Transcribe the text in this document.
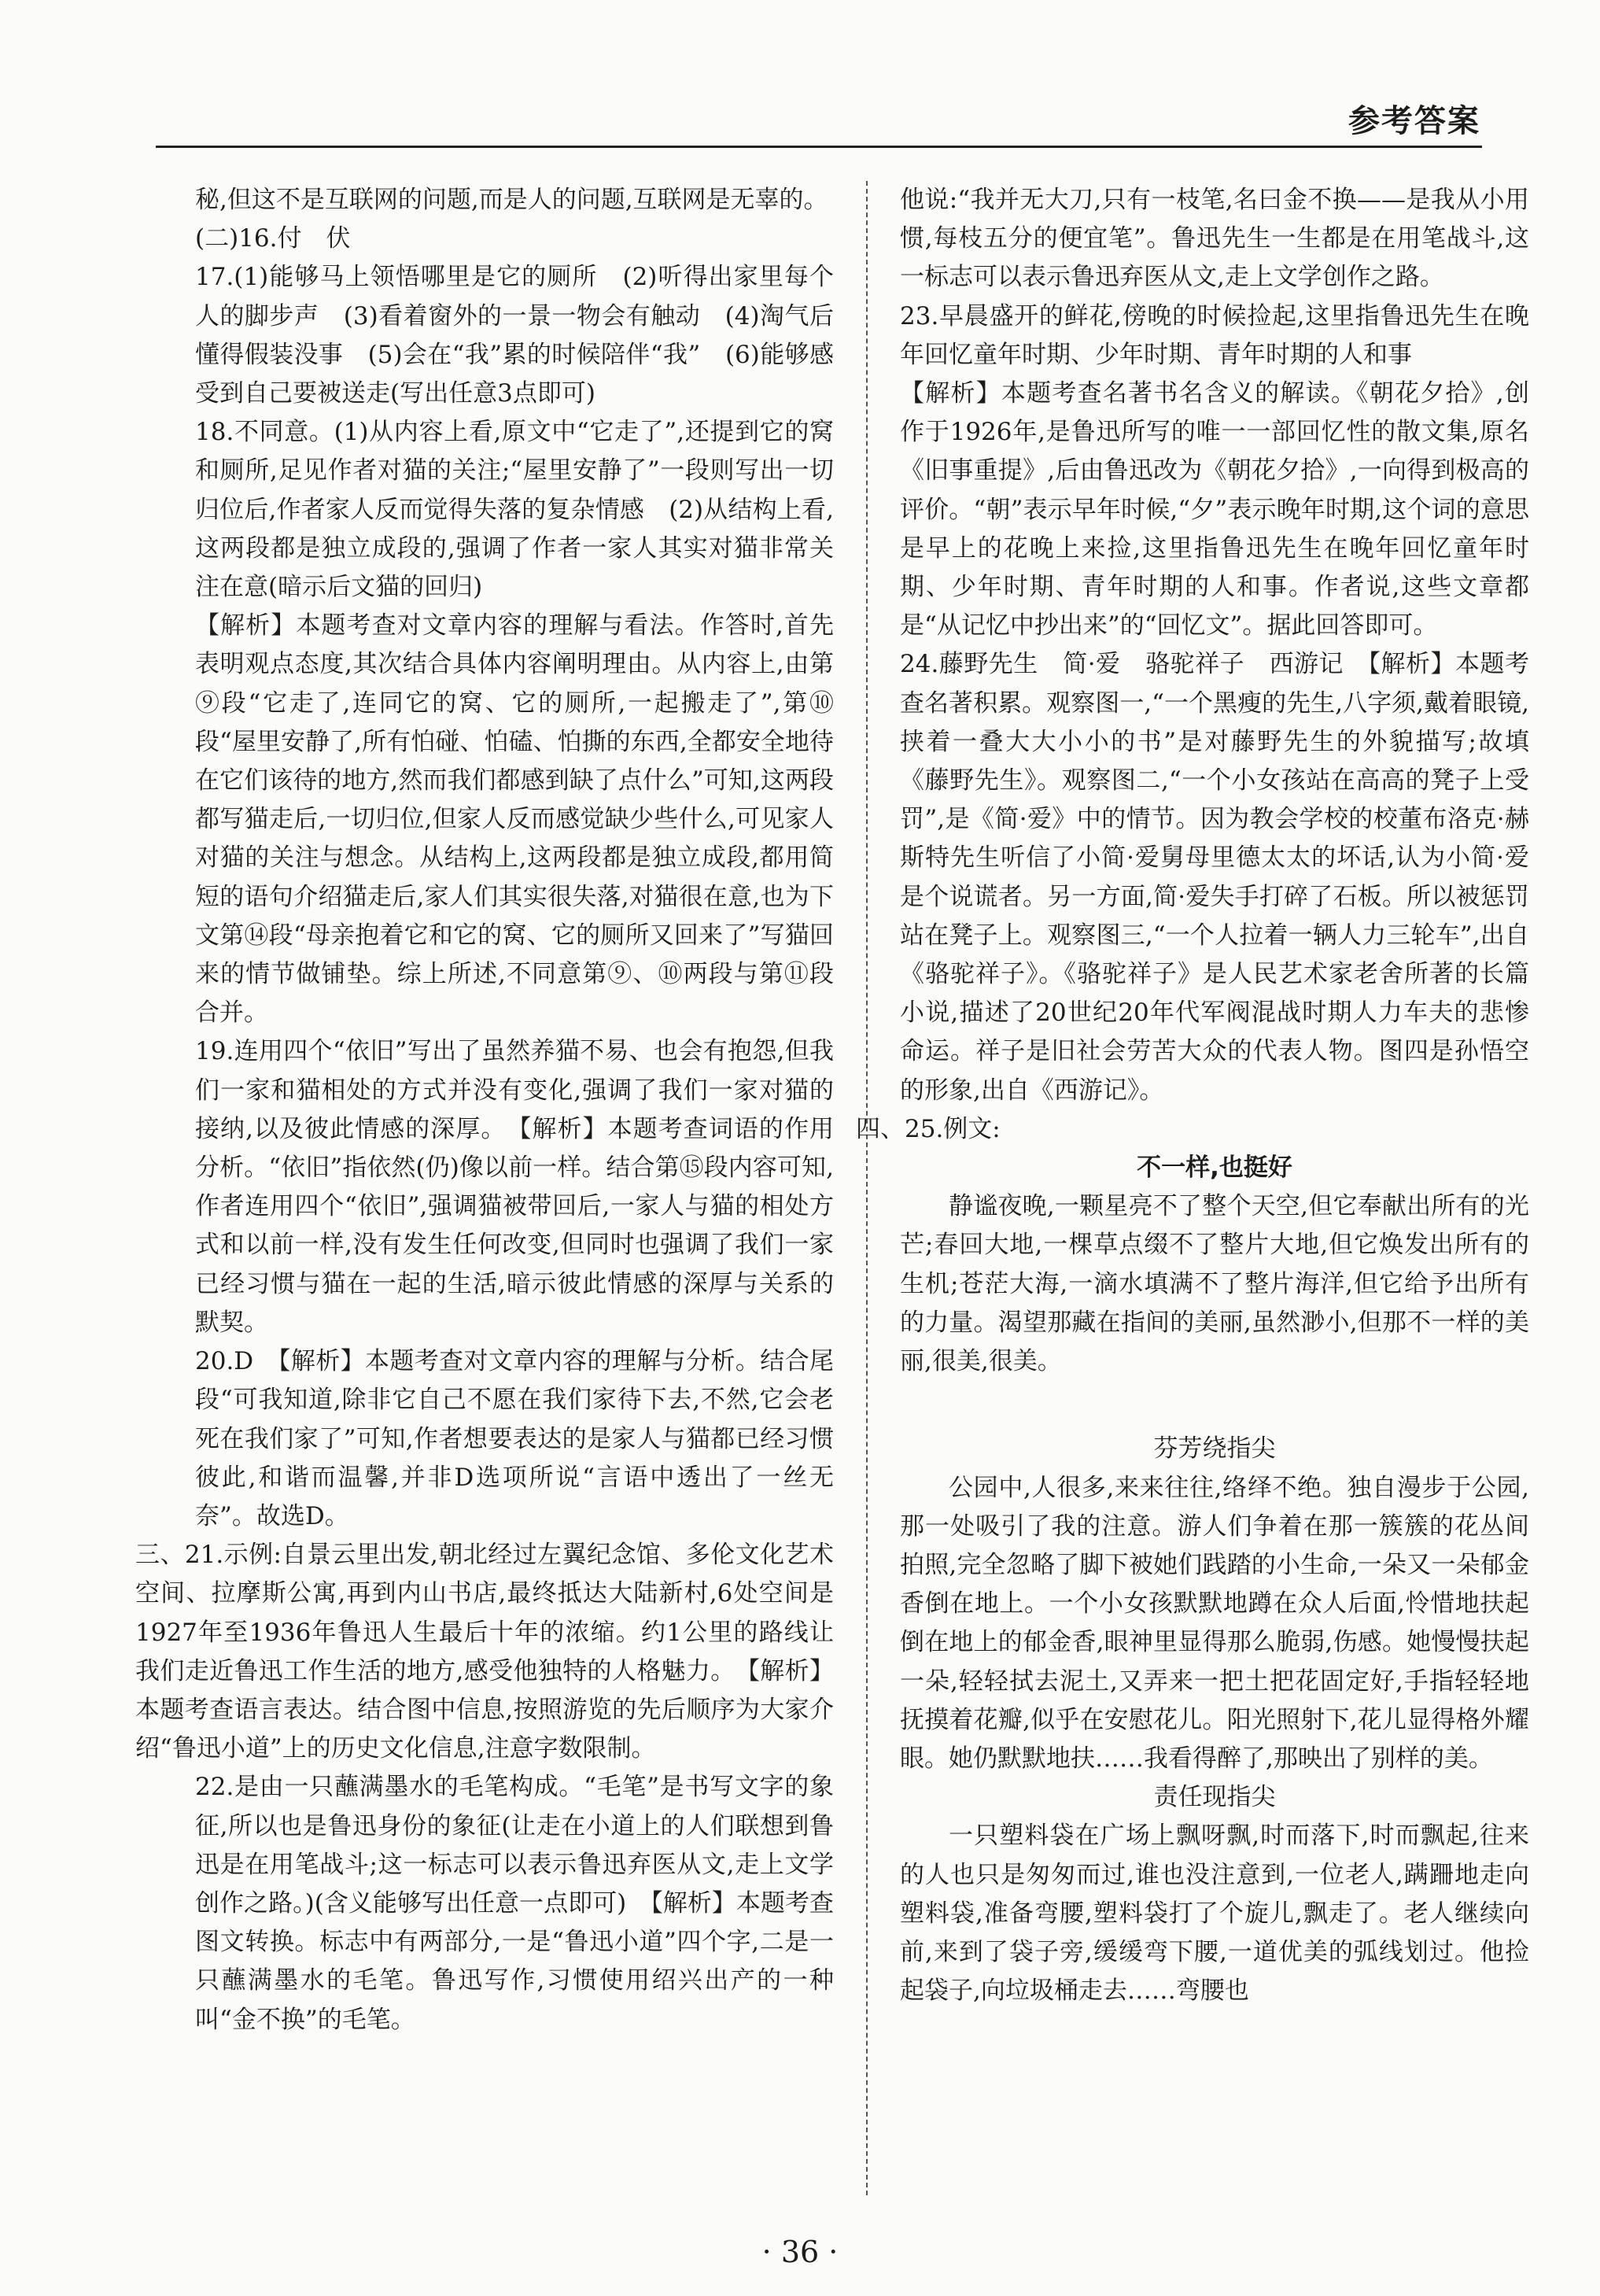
参考答案

秘,但这不是互联网的问题,而是人的问题,互联网是无辜的。

(二)16.付　伏

17.(1)能够马上领悟哪里是它的厕所　(2)听得出家里每个人的脚步声　(3)看着窗外的一景一物会有触动　(4)淘气后懂得假装没事　(5)会在“我”累的时候陪伴“我”　(6)能够感受到自己要被送走(写出任意3点即可)

18.不同意。(1)从内容上看,原文中“它走了”,还提到它的窝和厕所,足见作者对猫的关注;“屋里安静了”一段则写出一切归位后,作者家人反而觉得失落的复杂情感　(2)从结构上看,这两段都是独立成段的,强调了作者一家人其实对猫非常关注在意(暗示后文猫的回归)

【解析】本题考查对文章内容的理解与看法。作答时,首先表明观点态度,其次结合具体内容阐明理由。从内容上,由第⑨段“它走了,连同它的窝、它的厕所,一起搬走了”,第⑩段“屋里安静了,所有怕碰、怕磕、怕撕的东西,全都安全地待在它们该待的地方,然而我们都感到缺了点什么”可知,这两段都写猫走后,一切归位,但家人反而感觉缺少些什么,可见家人对猫的关注与想念。从结构上,这两段都是独立成段,都用简短的语句介绍猫走后,家人们其实很失落,对猫很在意,也为下文第⑭段“母亲抱着它和它的窝、它的厕所又回来了”写猫回来的情节做铺垫。综上所述,不同意第⑨、⑩两段与第⑪段合并。

19.连用四个“依旧”写出了虽然养猫不易、也会有抱怨,但我们一家和猫相处的方式并没有变化,强调了我们一家对猫的接纳,以及彼此情感的深厚。　【解析】本题考查词语的作用分析。“依旧”指依然(仍)像以前一样。结合第⑮段内容可知,作者连用四个“依旧”,强调猫被带回后,一家人与猫的相处方式和以前一样,没有发生任何改变,但同时也强调了我们一家已经习惯与猫在一起的生活,暗示彼此情感的深厚与关系的默契。

20.D　【解析】本题考查对文章内容的理解与分析。结合尾段“可我知道,除非它自己不愿在我们家待下去,不然,它会老死在我们家了”可知,作者想要表达的是家人与猫都已经习惯彼此,和谐而温馨,并非D选项所说“言语中透出了一丝无奈”。故选D。

三、21.示例:自景云里出发,朝北经过左翼纪念馆、多伦文化艺术空间、拉摩斯公寓,再到内山书店,最终抵达大陆新村,6处空间是1927年至1936年鲁迅人生最后十年的浓缩。约1公里的路线让我们走近鲁迅工作生活的地方,感受他独特的人格魅力。　【解析】本题考查语言表达。结合图中信息,按照游览的先后顺序为大家介绍“鲁迅小道”上的历史文化信息,注意字数限制。

22.是由一只蘸满墨水的毛笔构成。“毛笔”是书写文字的象征,所以也是鲁迅身份的象征(让走在小道上的人们联想到鲁迅是在用笔战斗;这一标志可以表示鲁迅弃医从文,走上文学创作之路。)(含义能够写出任意一点即可)　【解析】本题考查图文转换。标志中有两部分,一是“鲁迅小道”四个字,二是一只蘸满墨水的毛笔。鲁迅写作,习惯使用绍兴出产的一种叫“金不换”的毛笔。

他说:“我并无大刀,只有一枝笔,名曰金不换——是我从小用惯,每枝五分的便宜笔”。鲁迅先生一生都是在用笔战斗,这一标志可以表示鲁迅弃医从文,走上文学创作之路。

23.早晨盛开的鲜花,傍晚的时候捡起,这里指鲁迅先生在晚年回忆童年时期、少年时期、青年时期的人和事

【解析】本题考查名著书名含义的解读。《朝花夕拾》,创作于1926年,是鲁迅所写的唯一一部回忆性的散文集,原名《旧事重提》,后由鲁迅改为《朝花夕拾》,一向得到极高的评价。“朝”表示早年时候,“夕”表示晚年时期,这个词的意思是早上的花晚上来捡,这里指鲁迅先生在晚年回忆童年时期、少年时期、青年时期的人和事。作者说,这些文章都是“从记忆中抄出来”的“回忆文”。据此回答即可。

24.藤野先生　简·爱　骆驼祥子　西游记　【解析】本题考查名著积累。观察图一,“一个黑瘦的先生,八字须,戴着眼镜,挟着一叠大大小小的书”是对藤野先生的外貌描写;故填《藤野先生》。观察图二,“一个小女孩站在高高的凳子上受罚”,是《简·爱》中的情节。因为教会学校的校董布洛克·赫斯特先生听信了小简·爱舅母里德太太的坏话,认为小简·爱是个说谎者。另一方面,简·爱失手打碎了石板。所以被惩罚站在凳子上。观察图三,“一个人拉着一辆人力三轮车”,出自《骆驼祥子》。《骆驼祥子》是人民艺术家老舍所著的长篇小说,描述了20世纪20年代军阀混战时期人力车夫的悲惨命运。祥子是旧社会劳苦大众的代表人物。图四是孙悟空的形象,出自《西游记》。

四、25.例文:

不一样,也挺好

静谧夜晚,一颗星亮不了整个天空,但它奉献出所有的光芒;春回大地,一棵草点缀不了整片大地,但它焕发出所有的生机;苍茫大海,一滴水填满不了整片海洋,但它给予出所有的力量。渴望那藏在指间的美丽,虽然渺小,但那不一样的美丽,很美,很美。

芬芳绕指尖

公园中,人很多,来来往往,络绎不绝。独自漫步于公园,那一处吸引了我的注意。游人们争着在那一簇簇的花丛间拍照,完全忽略了脚下被她们践踏的小生命,一朵又一朵郁金香倒在地上。一个小女孩默默地蹲在众人后面,怜惜地扶起倒在地上的郁金香,眼神里显得那么脆弱,伤感。她慢慢扶起一朵,轻轻拭去泥土,又弄来一把土把花固定好,手指轻轻地抚摸着花瓣,似乎在安慰花儿。阳光照射下,花儿显得格外耀眼。她仍默默地扶……我看得醉了,那映出了别样的美。

责任现指尖

一只塑料袋在广场上飘呀飘,时而落下,时而飘起,往来的人也只是匆匆而过,谁也没注意到,一位老人,蹒跚地走向塑料袋,准备弯腰,塑料袋打了个旋儿,飘走了。老人继续向前,来到了袋子旁,缓缓弯下腰,一道优美的弧线划过。他捡起袋子,向垃圾桶走去……弯腰也

· 36 ·
